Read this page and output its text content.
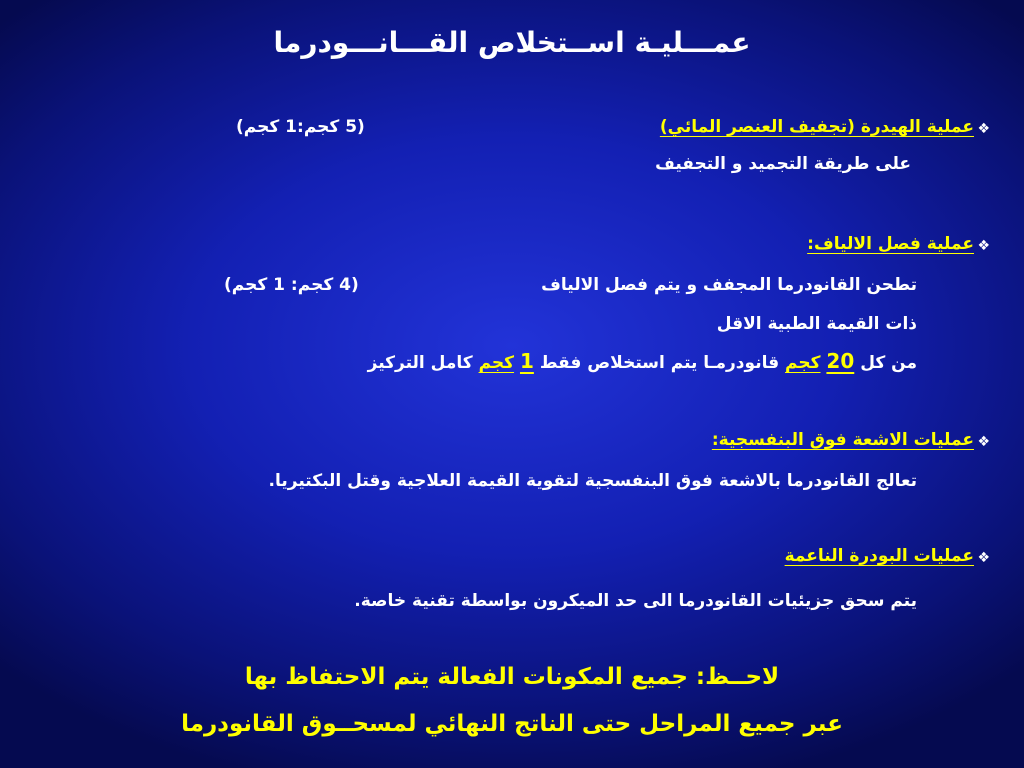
عمـــليـة اســتخلاص القـــانـــودرما
❖
عملية الهيدرة (تجفيف العنصر المائي)
(5 كجم:1 كجم)
على طريقة التجميد و التجفيف
❖
عملية فصل الالياف:
تطحن القانودرما المجفف و يتم فصل الالياف
(4 كجم: 1 كجم)
ذات القيمة الطبية الاقل
من كل 20 كجم قانودرمـا يتم استخلاص فقط 1 كجم كامل التركيز
❖
عمليات الاشعة فوق البنفسجية:
تعالج القانودرما بالاشعة فوق البنفسجية لتقوية القيمة العلاجية وقتل البكتيريا.
❖
عمليات البودرة الناعمة
يتم سحق جزيئيات القانودرما الى حد الميكرون بواسطة تقنية خاصة.
لاحــظ: جميع المكونات الفعالة يتم الاحتفاظ بها
عبر جميع المراحل حتى الناتج النهائي لمسحــوق القانودرما
